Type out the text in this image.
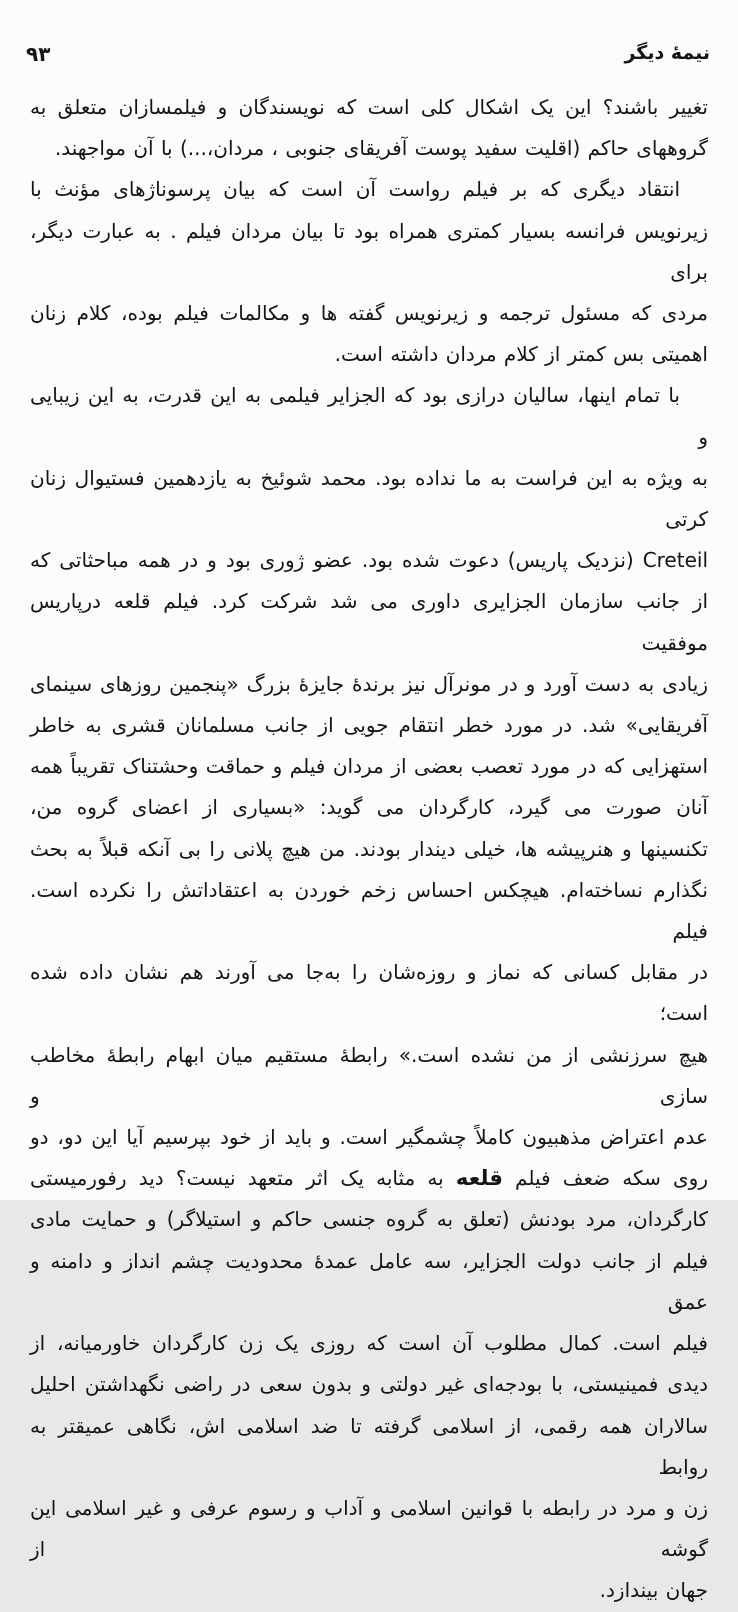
۹۳	نیمهٔ دیگر
تغییر باشند؟ این یک اشکال کلی است که نویسندگان و فیلمسازان متعلق به
گروههای حاکم (اقلیت سفید پوست آفریقای جنوبی ، مردان،...) با آن مواجهند.
انتقاد دیگری که بر فیلم رواست آن است که بیان پرسوناژهای مؤنث با
زیرنویس فرانسه بسیار کمتری همراه بود تا بیان مردان فیلم . به عبارت دیگر، برای
مردی که مسئول ترجمه و زیرنویس گفته ها و مکالمات فیلم بوده، کلام زنان
اهمیتی بس کمتر از کلام مردان داشته است.
با تمام اینها، سالیان درازی بود که الجزایر فیلمی به این قدرت، به این زیبایی و
به ویژه به این فراست به ما نداده بود. محمد شوئیخ به یازدهمین فستیوال زنان کرتی
Creteil (نزدیک پاریس) دعوت شده بود. عضو ژوری بود و در همه مباحثاتی که
از جانب سازمان الجزایری داوری می شد شرکت کرد. فیلم قلعه درپاریس موفقیت
زیادی به دست آورد و در مونرآل نیز برندهٔ جایزهٔ بزرگ «پنجمین روزهای سینمای
آفریقایی» شد. در مورد خطر انتقام جویی از جانب مسلمانان قشری به خاطر
استهزایی که در مورد تعصب بعضی از مردان فیلم و حماقت وحشتناک تقریباً همه
آنان صورت می گیرد، کارگردان می گوید: «بسیاری از اعضای گروه من،
تکنسینها و هنرپیشه ها، خیلی دیندار بودند. من هیچ پلانی را بی آنکه قبلاً به بحث
نگذارم نساخته‌ام. هیچکس احساس زخم خوردن به اعتقاداتش را نکرده است. فیلم
در مقابل کسانی که نماز و روزه‌شان را به‌جا می آورند هم نشان داده شده است؛
هیچ سرزنشی از من نشده است.» رابطهٔ مستقیم میان ابهام رابطهٔ مخاطب سازی و
عدم اعتراض مذهبیون کاملاً چشمگیر است. و باید از خود بپرسیم آیا این دو، دو
روی سکه ضعف فیلم قلعه به مثابه یک اثر متعهد نیست؟ دید رفورمیستی
کارگردان، مرد بودنش (تعلق به گروه جنسی حاکم و استیلاگر) و حمایت مادی
فیلم از جانب دولت الجزایر، سه عامل عمدهٔ محدودیت چشم انداز و دامنه و عمق
فیلم است. کمال مطلوب آن است که روزی یک زن کارگردان خاورمیانه، از
دیدی فمینیستی، با بودجه‌ای غیر دولتی و بدون سعی در راضی نگهداشتن احلیل
سالاران همه رقمی، از اسلامی گرفته تا ضد اسلامی اش، نگاهی عمیقتر به روابط
زن و مرد در رابطه با قوانین اسلامی و آداب و رسوم عرفی و غیر اسلامی این گوشه از
جهان بیندازد.
